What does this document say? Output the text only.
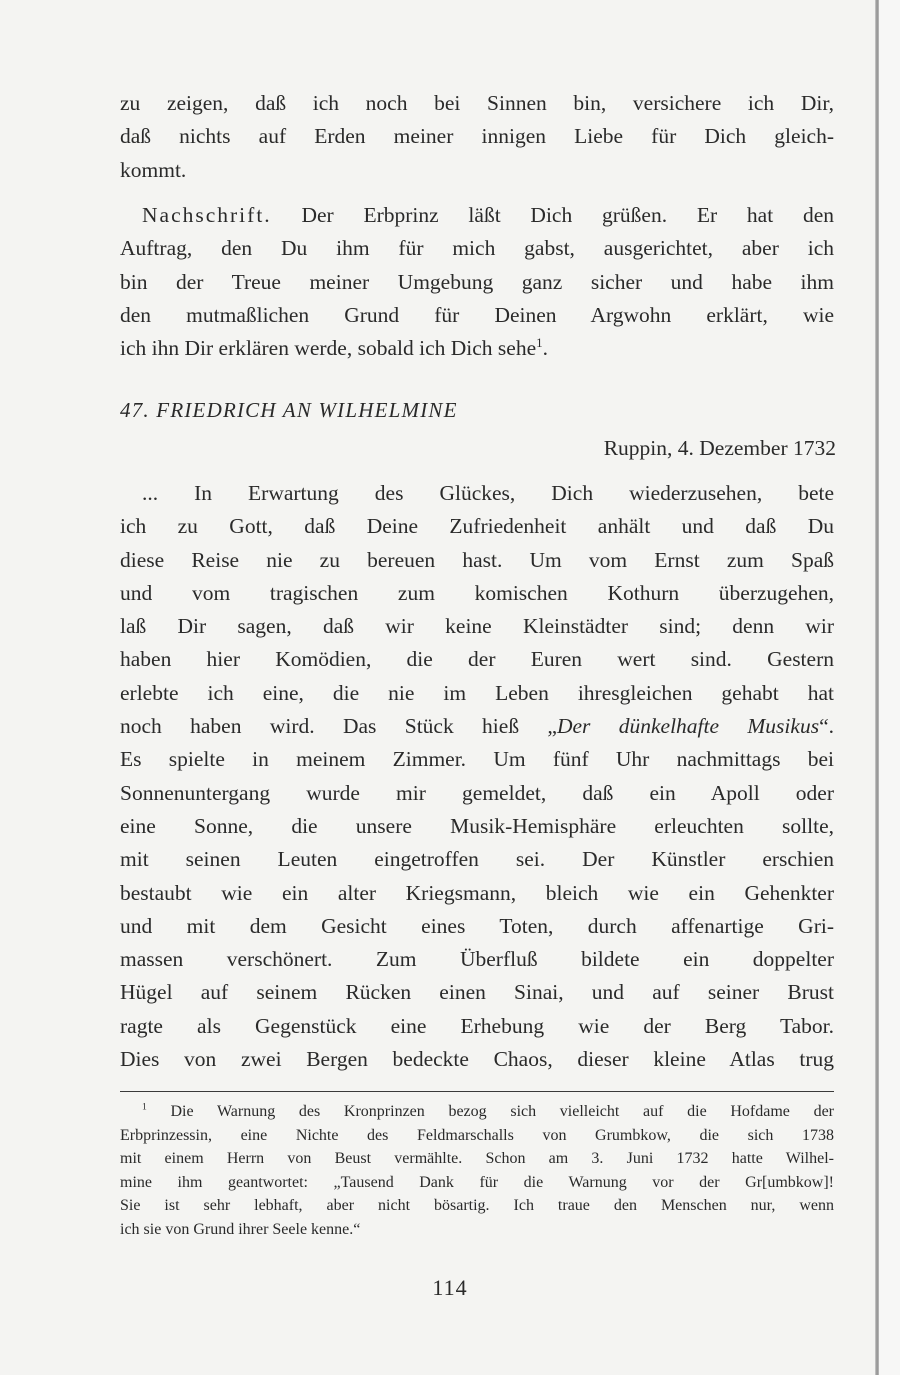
zu zeigen, daß ich noch bei Sinnen bin, versichere ich Dir,
daß nichts auf Erden meiner innigen Liebe für Dich gleich-
kommt.
Nachschrift. Der Erbprinz läßt Dich grüßen. Er hat den
Auftrag, den Du ihm für mich gabst, ausgerichtet, aber ich
bin der Treue meiner Umgebung ganz sicher und habe ihm
den mutmaßlichen Grund für Deinen Argwohn erklärt, wie
ich ihn Dir erklären werde, sobald ich Dich sehe$^1$.
47. FRIEDRICH AN WILHELMINE
Ruppin, 4. Dezember 1732
... In Erwartung des Glückes, Dich wiederzusehen, bete
ich zu Gott, daß Deine Zufriedenheit anhält und daß Du
diese Reise nie zu bereuen hast. Um vom Ernst zum Spaß
und vom tragischen zum komischen Kothurn überzugehen,
laß Dir sagen, daß wir keine Kleinstädter sind; denn wir
haben hier Komödien, die der Euren wert sind. Gestern
erlebte ich eine, die nie im Leben ihresgleichen gehabt hat
noch haben wird. Das Stück hieß „Der dünkelhafte Musikus“.
Es spielte in meinem Zimmer. Um fünf Uhr nachmittags bei
Sonnenuntergang wurde mir gemeldet, daß ein Apoll oder
eine Sonne, die unsere Musik-Hemisphäre erleuchten sollte,
mit seinen Leuten eingetroffen sei. Der Künstler erschien
bestaubt wie ein alter Kriegsmann, bleich wie ein Gehenkter
und mit dem Gesicht eines Toten, durch affenartige Gri-
massen verschönert. Zum Überfluß bildete ein doppelter
Hügel auf seinem Rücken einen Sinai, und auf seiner Brust
ragte als Gegenstück eine Erhebung wie der Berg Tabor.
Dies von zwei Bergen bedeckte Chaos, dieser kleine Atlas trug
$^1$ Die Warnung des Kronprinzen bezog sich vielleicht auf die Hofdame der
Erbprinzessin, eine Nichte des Feldmarschalls von Grumbkow, die sich 1738
mit einem Herrn von Beust vermählte. Schon am 3. Juni 1732 hatte Wilhel-
mine ihm geantwortet: „Tausend Dank für die Warnung vor der Gr[umbkow]!
Sie ist sehr lebhaft, aber nicht bösartig. Ich traue den Menschen nur, wenn
ich sie von Grund ihrer Seele kenne.“
114
